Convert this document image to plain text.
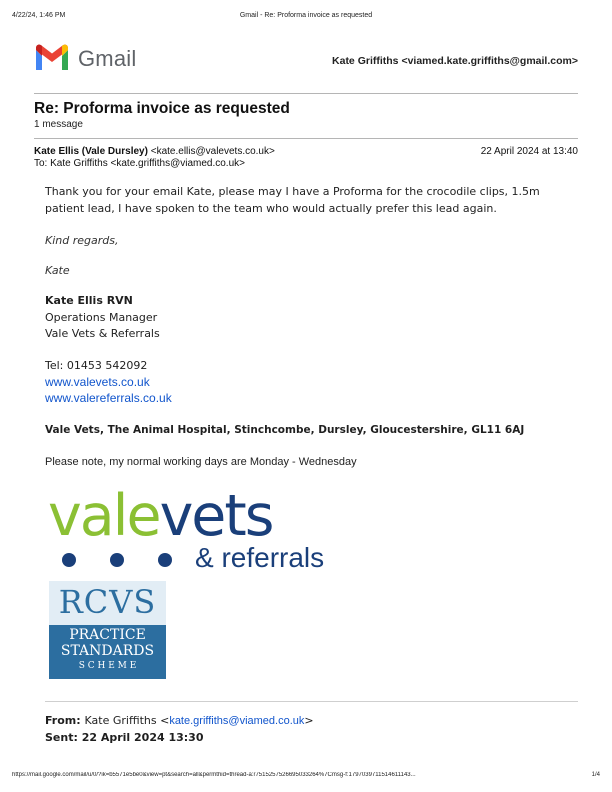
4/22/24, 1:46 PM	Gmail - Re: Proforma invoice as requested
Gmail	Kate Griffiths <viamed.kate.griffiths@gmail.com>
Re: Proforma invoice as requested
1 message
Kate Ellis (Vale Dursley) <kate.ellis@valevets.co.uk>	22 April 2024 at 13:40
To: Kate Griffiths <kate.griffiths@viamed.co.uk>
Thank you for your email Kate, please may I have a Proforma for the crocodile clips, 1.5m patient lead, I have spoken to the team who would actually prefer this lead again.
Kind regards,
Kate
Kate Ellis RVN
Operations Manager
Vale Vets & Referrals
Tel: 01453 542092
www.valevets.co.uk
www.valereferrals.co.uk
Vale Vets, The Animal Hospital, Stinchcombe, Dursley, Gloucestershire, GL11 6AJ
Please note, my normal working days are Monday - Wednesday
valevets
& referrals
RCVS
PRACTICE
STANDARDS
S C H E M E
From: Kate Griffiths <kate.griffiths@viamed.co.uk>
Sent: 22 April 2024 13:30
https://mail.google.com/mail/u/0/?ik=b5571e5be0&view=pt&search=all&permthid=thread-a:r7515257526695033264%7Cmsg-f:1797039711514611143...	1/4
